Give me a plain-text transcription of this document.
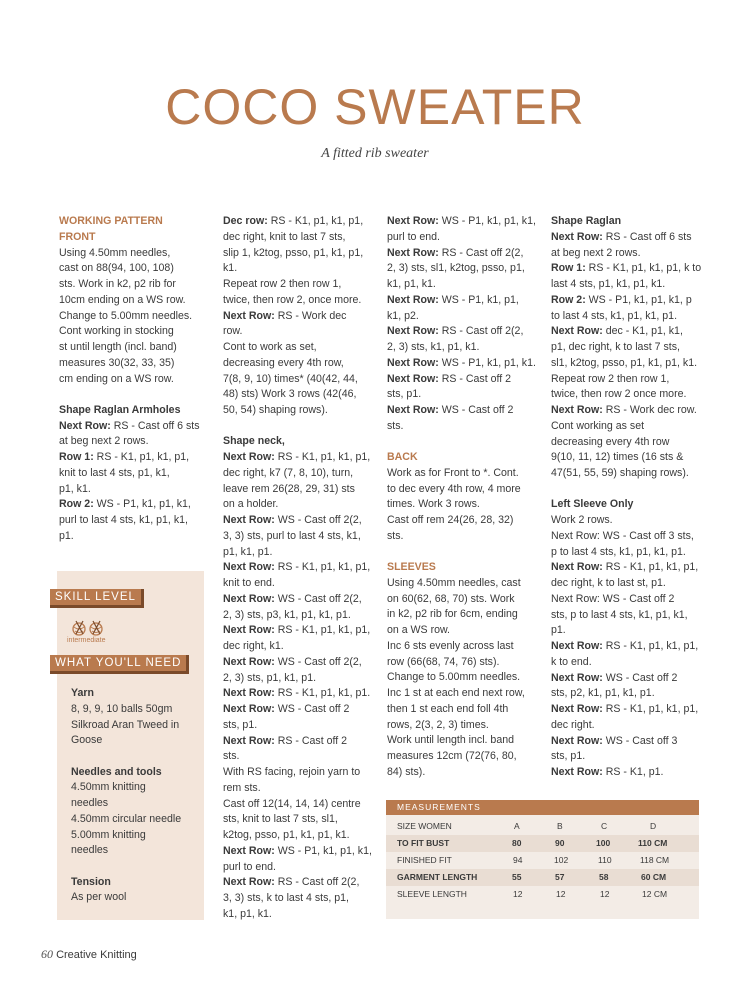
COCO SWEATER
A fitted rib sweater

WORKING PATTERN
FRONT

Using 4.50mm needles,
cast on 88(94, 100, 108)
sts. Work in k2, p2 rib for
10cm ending on a WS row.
Change to 5.00mm needles.
Cont working in stocking
st until length (incl. band)
measures 30(32, 33, 35)
cm ending on a WS row.

Shape Raglan Armholes

Next Row: RS - Cast off 6 sts
at beg next 2 rows.

Row 1: RS - K1, p1, k1, p1,
knit to last 4 sts, p1, k1,
p1, k1.

Row 2: WS - P1, k1, p1, k1,
purl to last 4 sts, k1, p1, k1,
p1.

Dec row: RS - K1, p1, k1, p1,
dec right, knit to last 7 sts,
slip 1, k2tog, psso, p1, k1, p1,
k1.
Repeat row 2 then row 1,
twice, then row 2, once more.

Next Row: RS - Work dec
row.

Cont to work as set,
decreasing every 4th row,
7(8, 9, 10) times* (40(42, 44,
48) sts) Work 3 rows (42(46,
50, 54) shaping rows).

Shape neck,

Next Row: RS - K1, p1, k1, p1,
dec right, k7 (7, 8, 10), turn,
leave rem 26(28, 29, 31) sts
on a holder.

Next Row: WS - Cast off 2(2,
3, 3) sts, purl to last 4 sts, k1,
p1, k1, p1.

Next Row: RS - K1, p1, k1, p1,
knit to end.

Next Row: WS - Cast off 2(2,
2, 3) sts, p3, k1, p1, k1, p1.

Next Row: RS - K1, p1, k1, p1,
dec right, k1.

Next Row: WS - Cast off 2(2,
2, 3) sts, p1, k1, p1.

Next Row: RS - K1, p1, k1, p1.

Next Row: WS - Cast off 2
sts, p1.

Next Row: RS - Cast off 2
sts.

With RS facing, rejoin yarn to
rem sts.
Cast off 12(14, 14, 14) centre
sts, knit to last 7 sts, sl1,
k2tog, psso, p1, k1, p1, k1.

Next Row: WS - P1, k1, p1, k1,
purl to end.

Next Row: RS - Cast off 2(2,
3, 3) sts, k to last 4 sts, p1,
k1, p1, k1.

Next Row: WS - P1, k1, p1, k1,
purl to end.

Next Row: RS - Cast off 2(2,
2, 3) sts, sl1, k2tog, psso, p1,
k1, p1, k1.

Next Row: WS - P1, k1, p1,
k1, p2.

Next Row: RS - Cast off 2(2,
2, 3) sts, k1, p1, k1.

Next Row: WS - P1, k1, p1, k1.

Next Row: RS - Cast off 2
sts, p1.

Next Row: WS - Cast off 2
sts.

BACK

Work as for Front to *. Cont.
to dec every 4th row, 4 more
times. Work 3 rows.
Cast off rem 24(26, 28, 32)
sts.

SLEEVES

Using 4.50mm needles, cast
on 60(62, 68, 70) sts. Work
in k2, p2 rib for 6cm, ending
on a WS row.
Inc 6 sts evenly across last
row (66(68, 74, 76) sts).
Change to 5.00mm needles.
Inc 1 st at each end next row,
then 1 st each end foll 4th
rows, 2(3, 2, 3) times.
Work until length incl. band
measures 12cm (72(76, 80,
84) sts).

Shape Raglan

Next Row: RS - Cast off 6 sts
at beg next 2 rows.

Row 1: RS - K1, p1, k1, p1, k to
last 4 sts, p1, k1, p1, k1.

Row 2: WS - P1, k1, p1, k1, p
to last 4 sts, k1, p1, k1, p1.

Next Row: dec - K1, p1, k1,
p1, dec right, k to last 7 sts,
sl1, k2tog, psso, p1, k1, p1, k1.
Repeat row 2 then row 1,
twice, then row 2 once more.

Next Row: RS - Work dec row.
Cont working as set
decreasing every 4th row
9(10, 11, 12) times (16 sts &
47(51, 55, 59) shaping rows).

Left Sleeve Only

Work 2 rows.
Next Row: WS - Cast off 3 sts,
p to last 4 sts, k1, p1, k1, p1.

Next Row: RS - K1, p1, k1, p1,
dec right, k to last st, p1.
Next Row: WS - Cast off 2
sts, p to last 4 sts, k1, p1, k1,
p1.

Next Row: RS - K1, p1, k1, p1,
k to end.

Next Row: WS - Cast off 2
sts, p2, k1, p1, k1, p1.

Next Row: RS - K1, p1, k1, p1,
dec right.

Next Row: WS - Cast off 3
sts, p1.

Next Row: RS - K1, p1.

SKILL LEVEL
intermediate
WHAT YOU'LL NEED

Yarn

8, 9, 9, 10 balls 50gm
Silkroad Aran Tweed in
Goose

Needles and tools

4.50mm knitting
needles
4.50mm circular needle
5.00mm knitting
needles

Tension

As per wool

MEASUREMENTS
SIZE WOMEN	A	B	C	D
TO FIT BUST	80	90	100	110 CM
FINISHED FIT	94	102	110	118 CM
GARMENT LENGTH	55	57	58	60 CM
SLEEVE LENGTH	12	12	12	12 CM
60 Creative Knitting
